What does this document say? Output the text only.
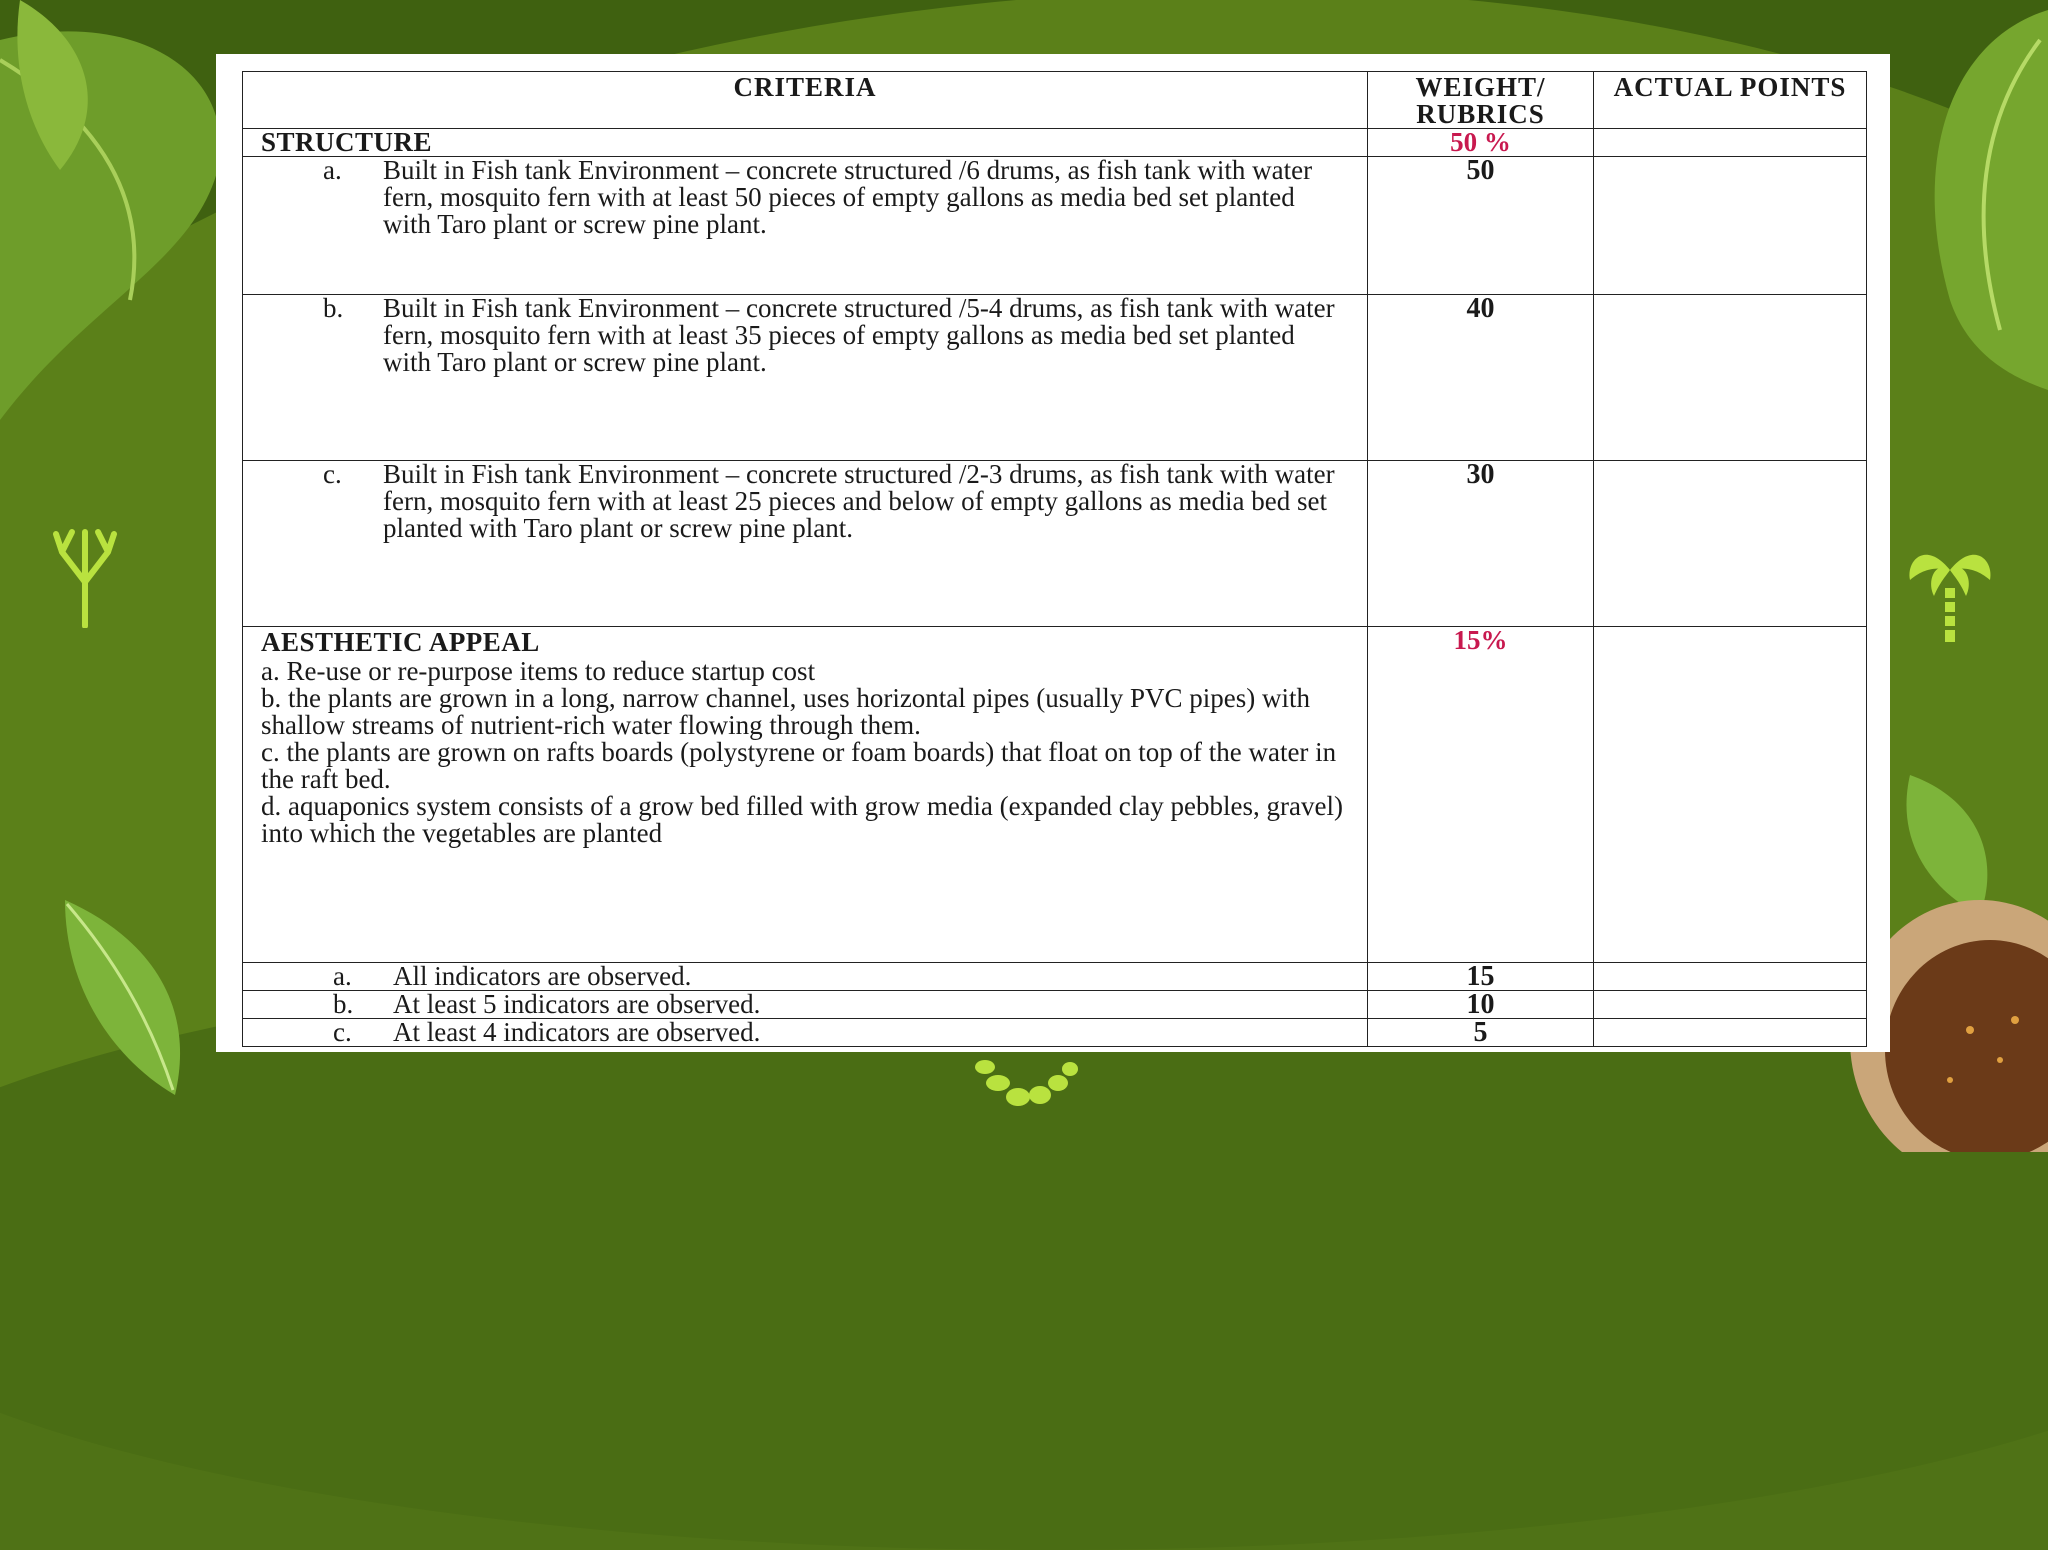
CRITERIA	WEIGHT/ RUBRICS	ACTUAL POINTS
STRUCTURE	50 %	

a. Built in Fish tank Environment – concrete structured /6 drums, as fish tank with water fern, mosquito fern with at least 50 pieces of empty gallons as media bed set planted with Taro plant or screw pine plant.	50	

b. Built in Fish tank Environment – concrete structured /5-4 drums, as fish tank with water fern, mosquito fern with at least 35 pieces of empty gallons as media bed set planted with Taro plant or screw pine plant.	40	

c. Built in Fish tank Environment – concrete structured /2-3 drums, as fish tank with water fern, mosquito fern with at least 25 pieces and below of empty gallons as media bed set planted with Taro plant or screw pine plant.	30	

AESTHETIC APPEAL
a. Re-use or re-purpose items to reduce startup cost
b. the plants are grown in a long, narrow channel, uses horizontal pipes (usually PVC pipes) with shallow streams of nutrient-rich water flowing through them.
c. the plants are grown on rafts boards (polystyrene or foam boards) that float on top of the water in the raft bed.
d. aquaponics system consists of a grow bed filled with grow media (expanded clay pebbles, gravel) into which the vegetables are planted	15%	

a. All indicators are observed.	15	

b. At least 5 indicators are observed.	10	

c. At least 4 indicators are observed.	5	
